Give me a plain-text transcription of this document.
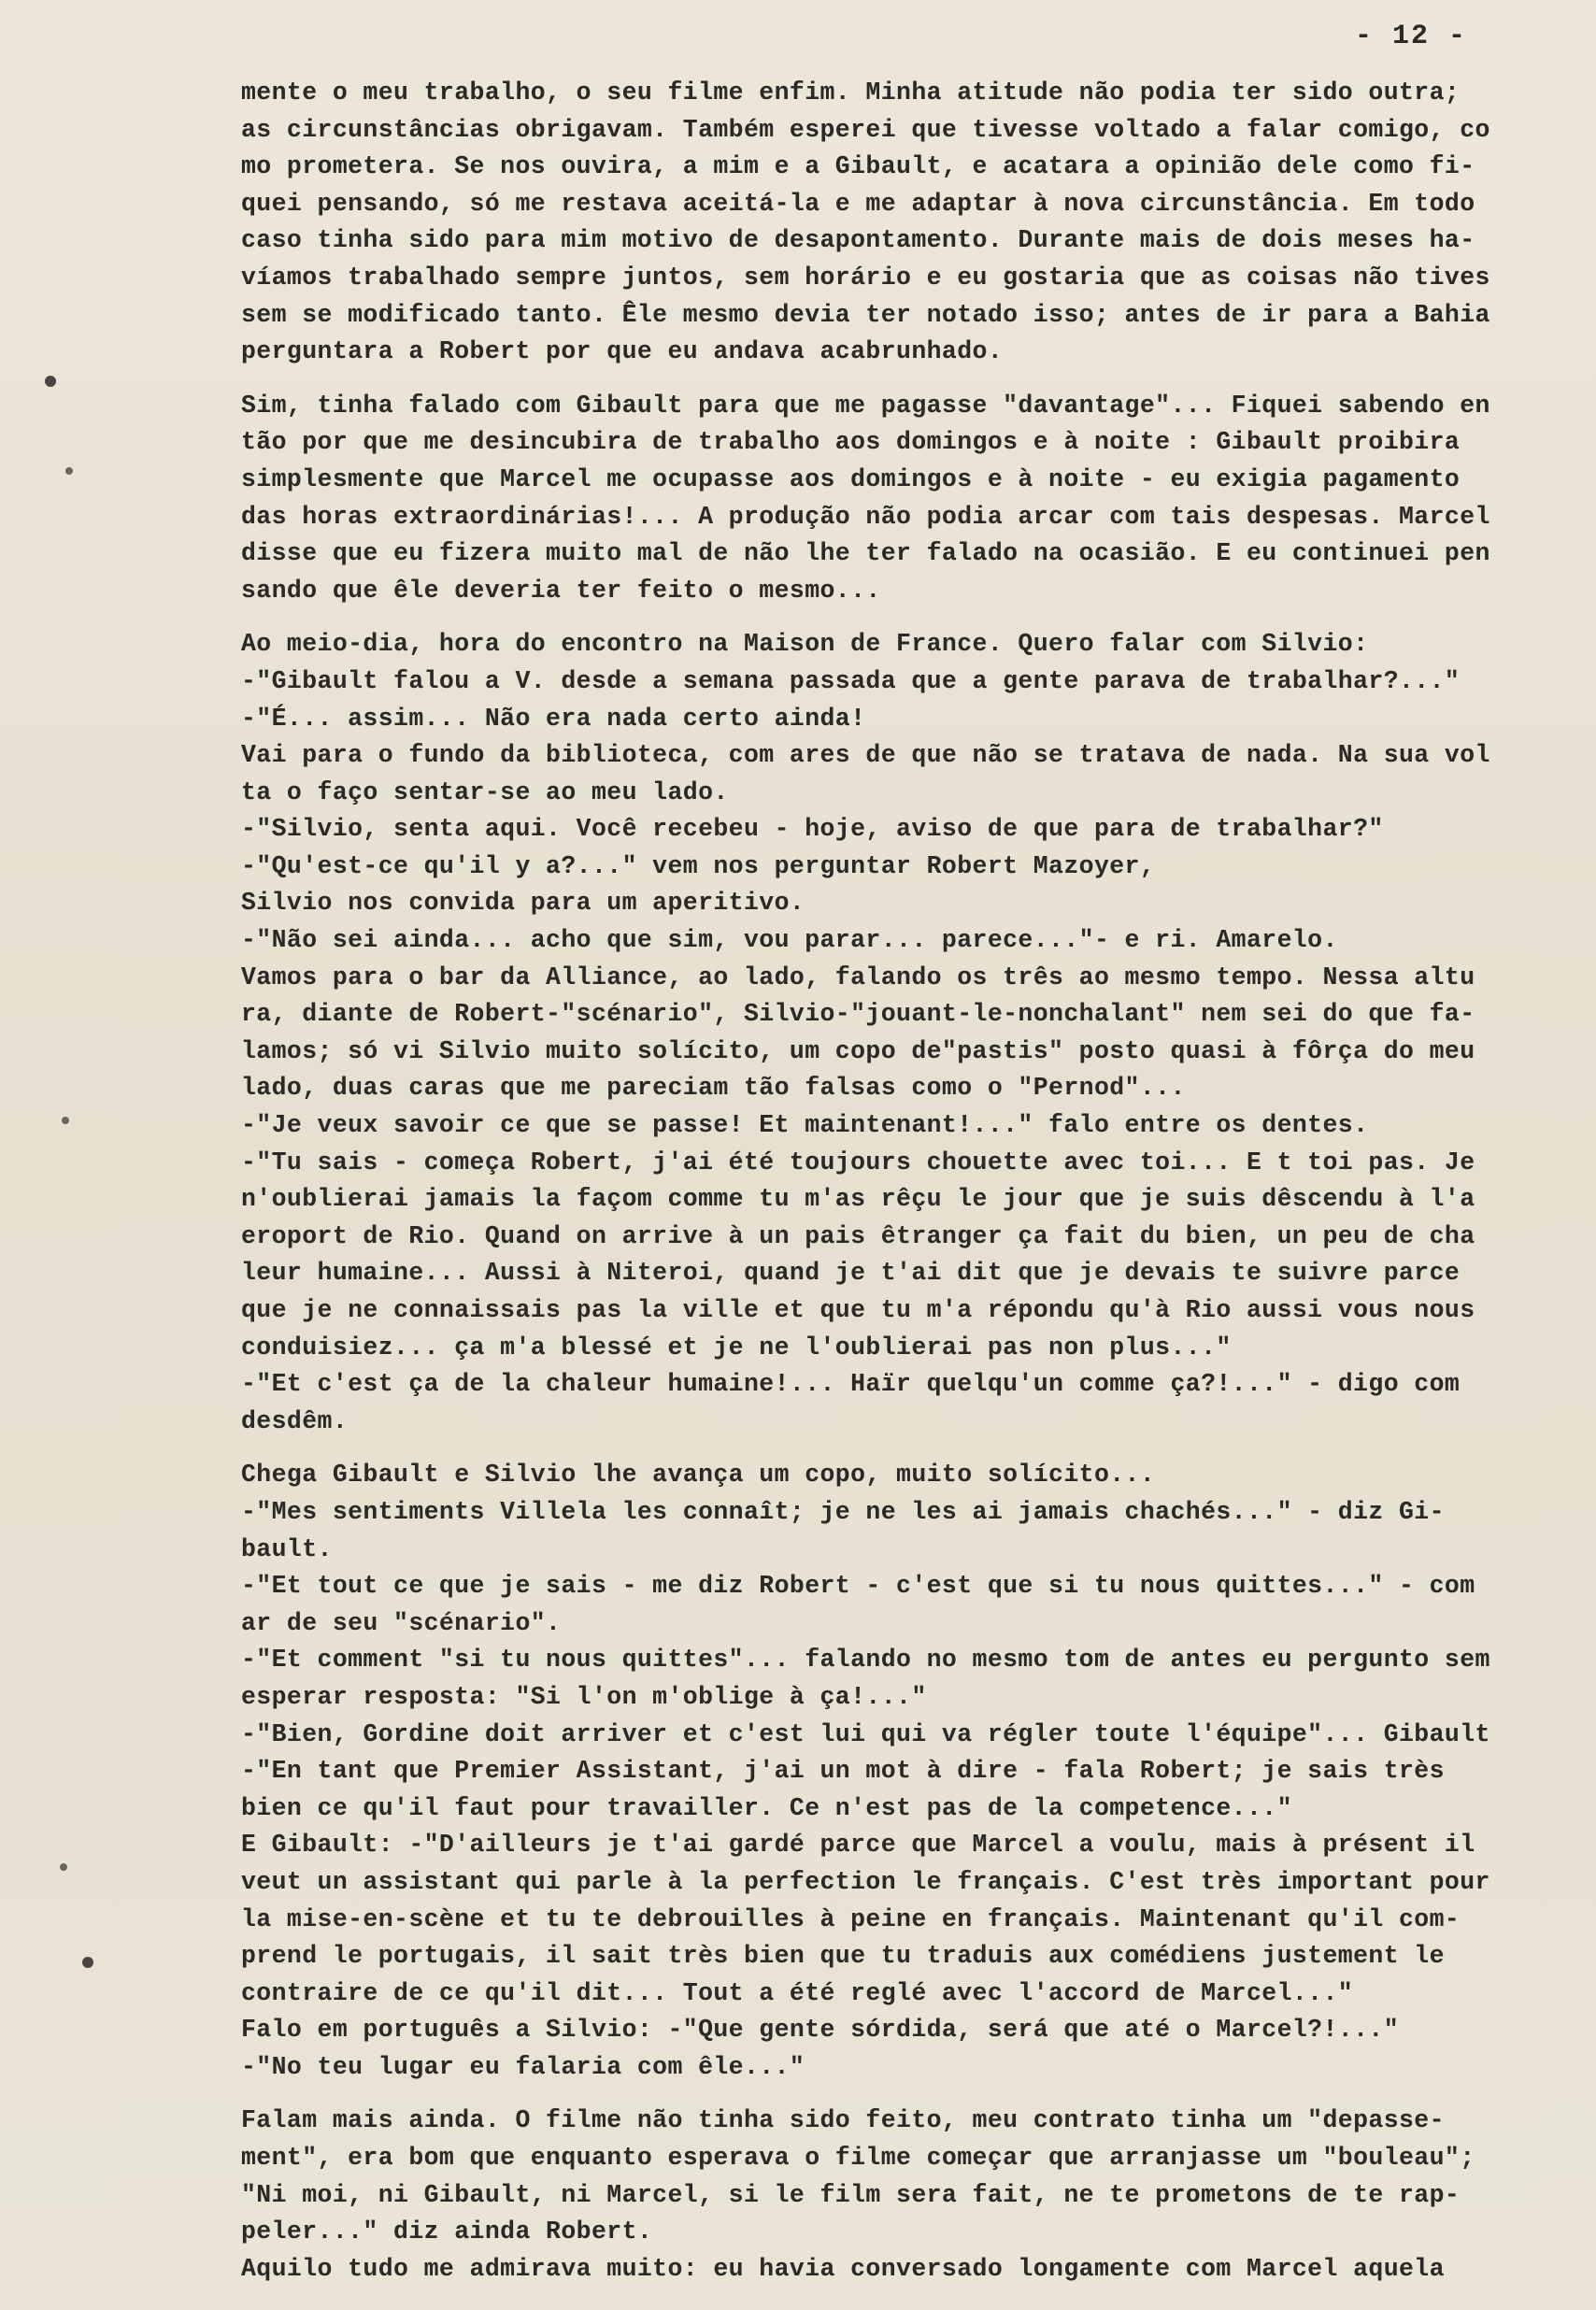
- 12 -
mente o meu trabalho, o seu filme enfim. Minha atitude não podia ter sido outra;
as circunstâncias obrigavam. Também esperei que tivesse voltado a falar comigo, co
mo prometera. Se nos ouvira, a mim e a Gibault, e acatara a opinião dele como fi-
quei pensando, só me restava aceitá-la e me adaptar à nova circunstância. Em todo
caso tinha sido para mim motivo de desapontamento. Durante mais de dois meses ha-
víamos trabalhado sempre juntos, sem horário e eu gostaria que as coisas não tives
sem se modificado tanto. Êle mesmo devia ter notado isso; antes de ir para a Bahia
perguntara a Robert por que eu andava acabrunhado.
Sim, tinha falado com Gibault para que me pagasse "davantage"... Fiquei sabendo en
tão por que me desincubira de trabalho aos domingos e à noite : Gibault proibira
simplesmente que Marcel me ocupasse aos domingos e à noite - eu exigia pagamento
das horas extraordinárias!... A produção não podia arcar com tais despesas. Marcel
disse que eu fizera muito mal de não lhe ter falado na ocasião. E eu continuei pen
sando que êle deveria ter feito o mesmo...
Ao meio-dia, hora do encontro na Maison de France. Quero falar com Silvio:
-"Gibault falou a V. desde a semana passada que a gente parava de trabalhar?..."
-"É... assim... Não era nada certo ainda!
Vai para o fundo da biblioteca, com ares de que não se tratava de nada. Na sua vol
ta o faço sentar-se ao meu lado.
-"Silvio, senta aqui. Você recebeu - hoje, aviso de que para de trabalhar?"
-"Qu'est-ce qu'il y a?..." vem nos perguntar Robert Mazoyer,
Silvio nos convida para um aperitivo.
-"Não sei ainda... acho que sim, vou parar... parece..."- e ri. Amarelo.
Vamos para o bar da Alliance, ao lado, falando os três ao mesmo tempo. Nessa altu
ra, diante de Robert-"scénario", Silvio-"jouant-le-nonchalant" nem sei do que fa-
lamos; só vi Silvio muito solícito, um copo de"pastis" posto quasi à fôrça do meu
lado, duas caras que me pareciam tão falsas como o "Pernod"...
-"Je veux savoir ce que se passe! Et maintenant!..." falo entre os dentes.
-"Tu sais - começa Robert, j'ai été toujours chouette avec toi... E t toi pas. Je
n'oublierai jamais la façom comme tu m'as rêçu le jour que je suis dêscendu à l'a
eroport de Rio. Quand on arrive à un pais êtranger ça fait du bien, un peu de cha
leur humaine... Aussi à Niteroi, quand je t'ai dit que je devais te suivre parce
que je ne connaissais pas la ville et que tu m'a répondu qu'à Rio aussi vous nous
conduisiez... ça m'a blessé et je ne l'oublierai pas non plus..."
-"Et c'est ça de la chaleur humaine!... Haïr quelqu'un comme ça?!..." - digo com
desdêm.
Chega Gibault e Silvio lhe avança um copo, muito solícito...
-"Mes sentiments Villela les connaît; je ne les ai jamais chachés..." - diz Gi-
bault.
-"Et tout ce que je sais - me diz Robert - c'est que si tu nous quittes..." - com
ar de seu "scénario".
-"Et comment "si tu nous quittes"... falando no mesmo tom de antes eu pergunto sem
esperar resposta: "Si l'on m'oblige à ça!..."
-"Bien, Gordine doit arriver et c'est lui qui va régler toute l'équipe"... Gibault
-"En tant que Premier Assistant, j'ai un mot à dire - fala Robert; je sais très
bien ce qu'il faut pour travailler. Ce n'est pas de la competence..."
E Gibault: -"D'ailleurs je t'ai gardé parce que Marcel a voulu, mais à présent il
veut un assistant qui parle à la perfection le français. C'est très important pour
la mise-en-scène et tu te debrouilles à peine en français. Maintenant qu'il com-
prend le portugais, il sait très bien que tu traduis aux comédiens justement le
contraire de ce qu'il dit... Tout a été reglé avec l'accord de Marcel..."
Falo em português a Silvio: -"Que gente sórdida, será que até o Marcel?!..."
-"No teu lugar eu falaria com êle..."
Falam mais ainda. O filme não tinha sido feito, meu contrato tinha um "depasse-
ment", era bom que enquanto esperava o filme começar que arranjasse um "bouleau";
"Ni moi, ni Gibault, ni Marcel, si le film sera fait, ne te prometons de te rap-
peler..." diz ainda Robert.
Aquilo tudo me admirava muito: eu havia conversado longamente com Marcel aquela
